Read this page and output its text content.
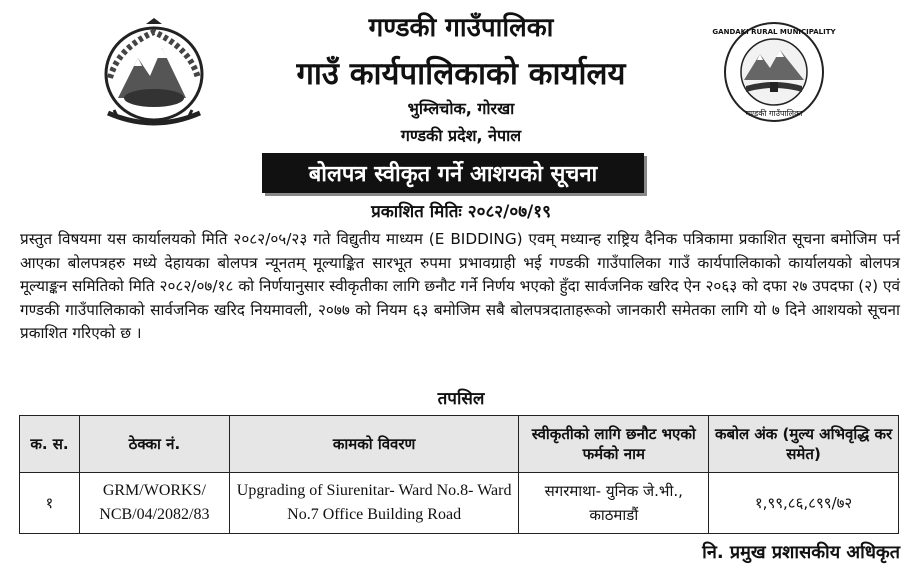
GANDAKI RURAL MUNICIPALITY
गण्डकी गाउँपालिका
गण्डकी गाउँपालिका
गाउँ कार्यपालिकाको कार्यालय
भुम्लिचोक, गोरखा
गण्डकी प्रदेश, नेपाल
बोलपत्र स्वीकृत गर्ने आशयको सूचना
प्रकाशित मितिः २०८२/०७/१९
प्रस्तुत विषयमा यस कार्यालयको मिति २०८२/०५/२३ गते विद्युतीय माध्यम (E BIDDING) एवम् मध्यान्ह राष्ट्रिय दैनिक पत्रिकामा प्रकाशित सूचना बमोजिम पर्न आएका बोलपत्रहरु मध्ये देहायका बोलपत्र न्यूनतम् मूल्याङ्कित सारभूत रुपमा प्रभावग्राही भई गण्डकी गाउँपालिका गाउँ कार्यपालिकाको कार्यालयको बोलपत्र मूल्याङ्कन समितिको मिति २०८२/०७/१८ को निर्णयानुसार स्वीकृतीका लागि छनौट गर्ने निर्णय भएको हुँदा सार्वजनिक खरिद ऐन २०६३ को दफा २७ उपदफा (२) एवं गण्डकी गाउँपालिकाको सार्वजनिक खरिद नियमावली, २०७७ को नियम ६३ बमोजिम सबै बोलपत्रदाताहरूको जानकारी समेतका लागि यो ७ दिने आशयको सूचना प्रकाशित गरिएको छ ।
तपसिल
क. स.	ठेक्का नं.	कामको विवरण	स्वीकृतीको लागि छनौट भएको फर्मको नाम	कबोल अंक (मुल्य अभिवृद्धि कर समेत)
१	GRM/WORKS/ NCB/04/2082/83	Upgrading of Siurenitar- Ward No.8- Ward No.7 Office Building Road	सगरमाथा- युनिक जे.भी., काठमाडौं	१,९९,८६,८९९/७२
नि. प्रमुख प्रशासकीय अधिकृत
